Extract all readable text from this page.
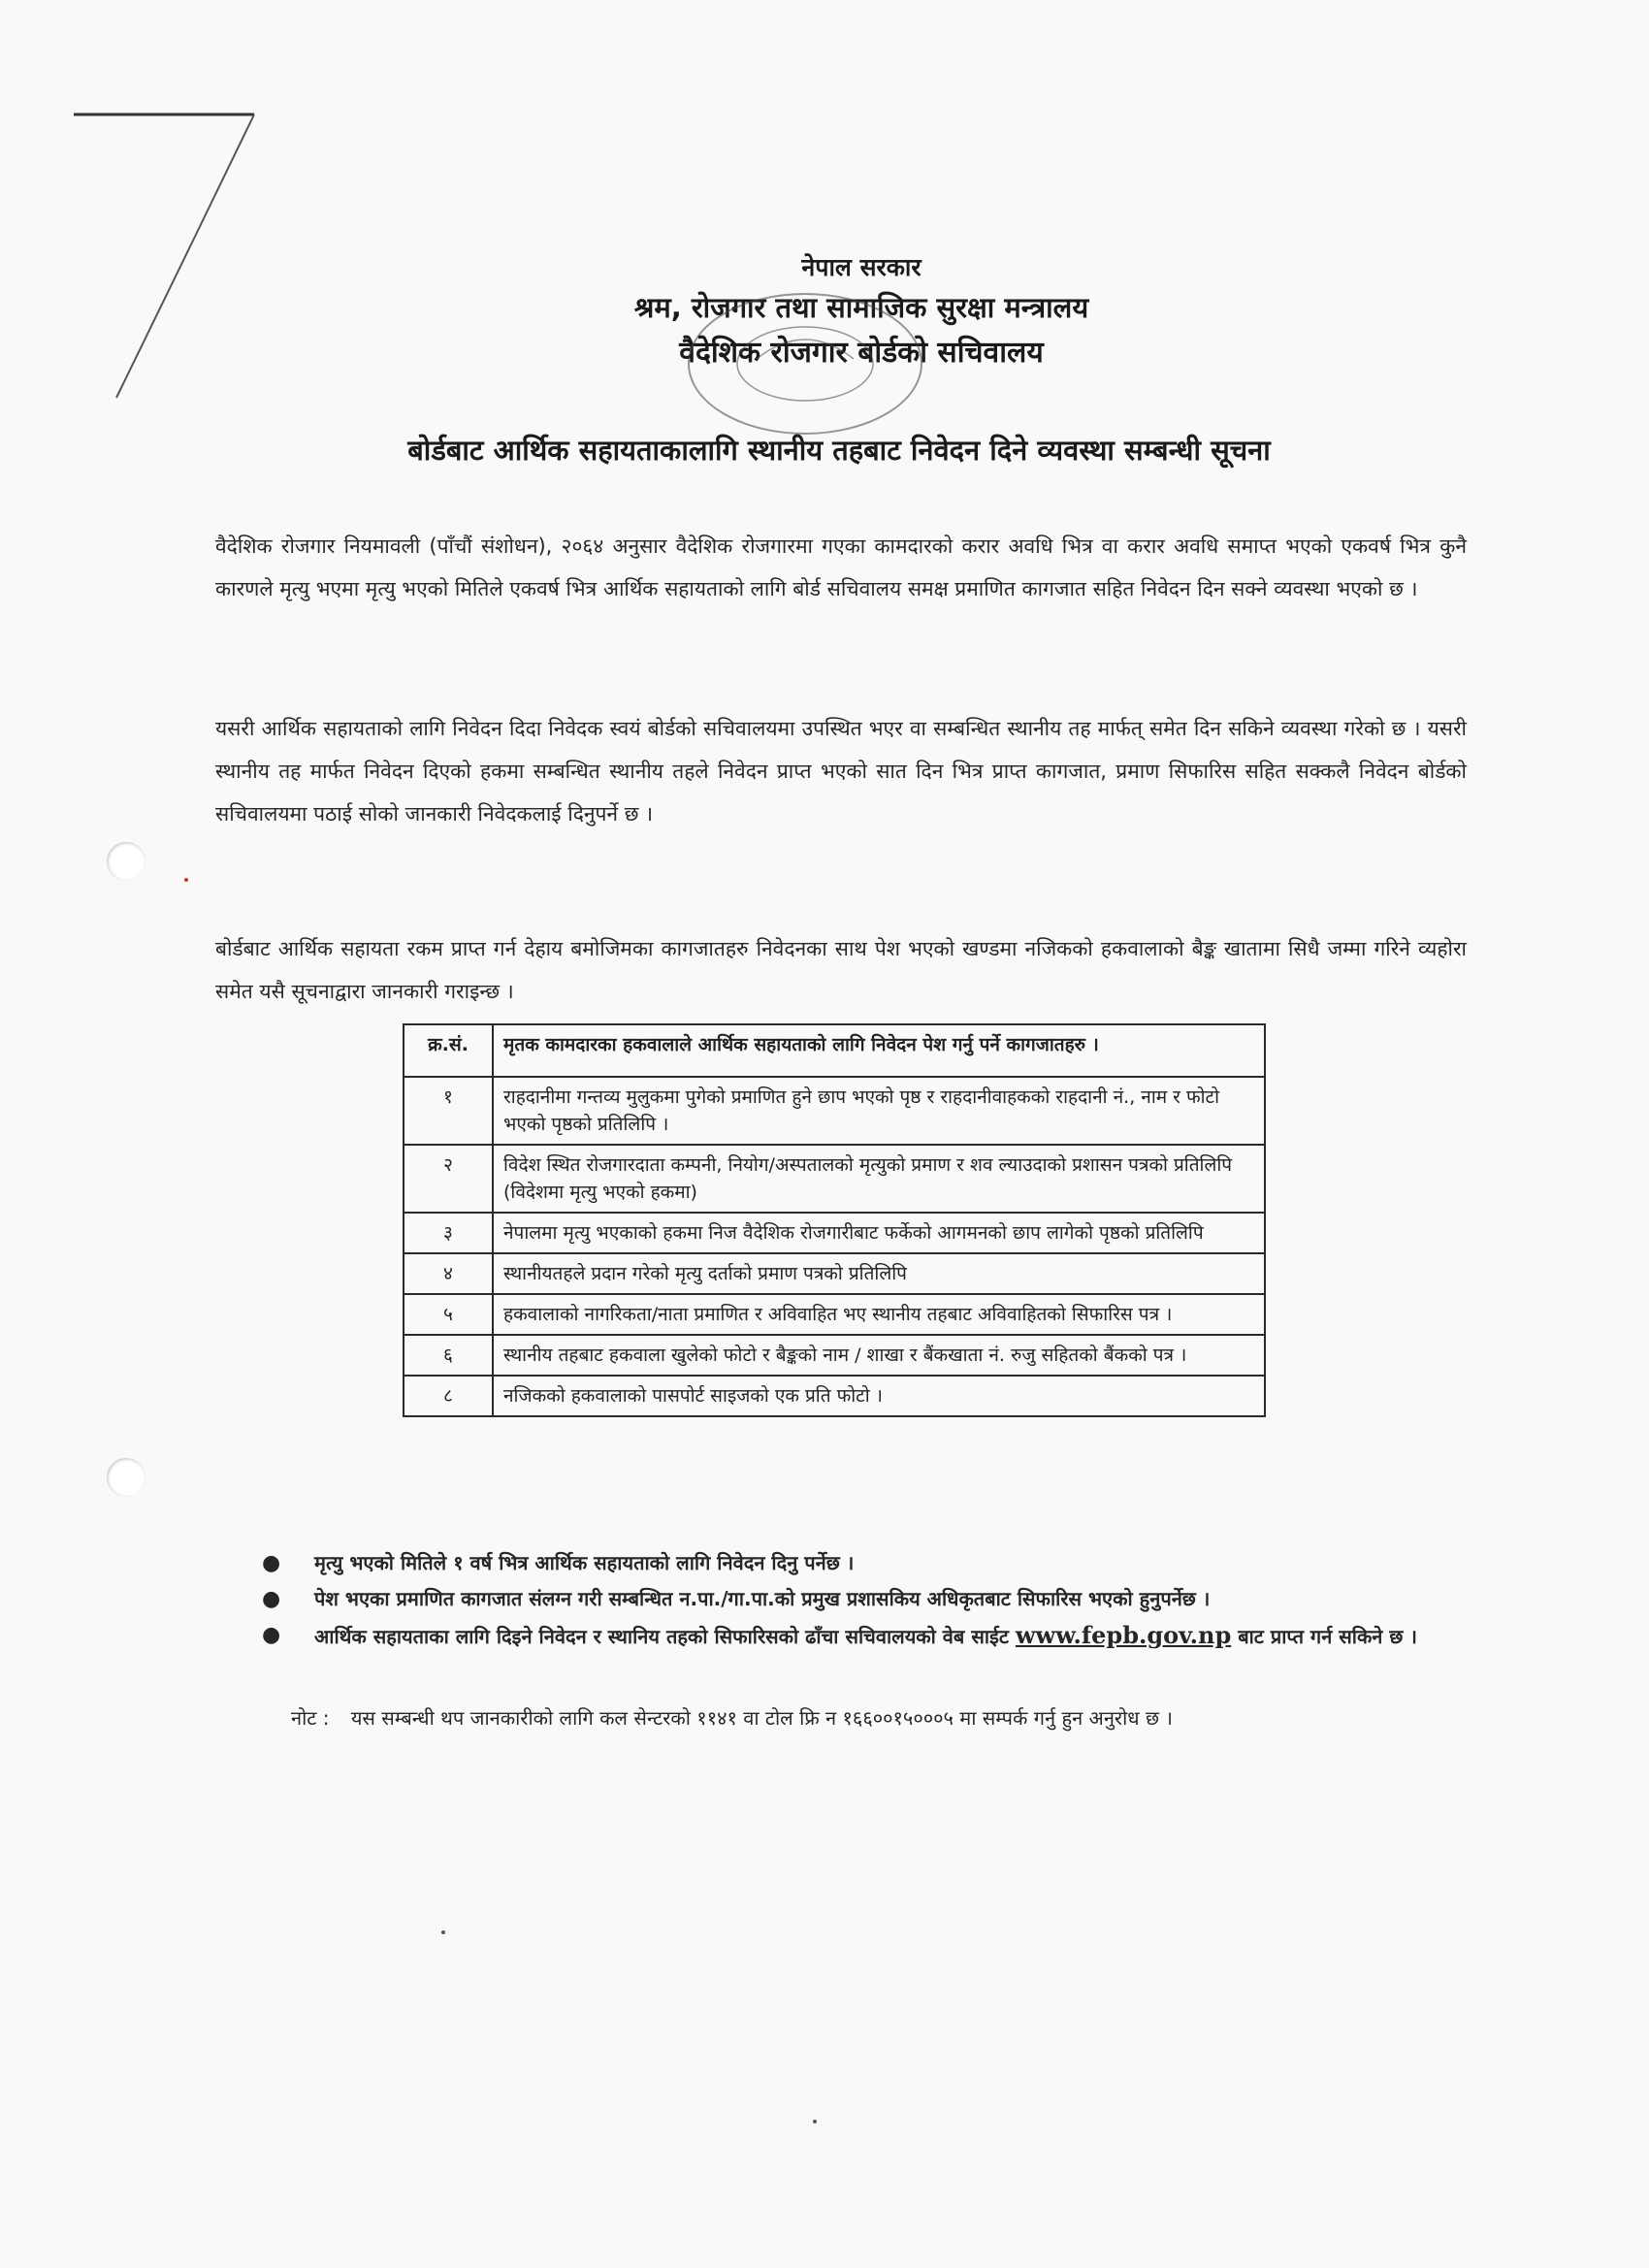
नेपाल सरकार
श्रम, रोजगार तथा सामाजिक सुरक्षा मन्त्रालय
वैदेशिक रोजगार बोर्डको सचिवालय
बोर्डबाट आर्थिक सहायताकालागि स्थानीय तहबाट निवेदन दिने व्यवस्था सम्बन्धी सूचना

वैदेशिक रोजगार नियमावली (पाँचौं संशोधन), २०६४ अनुसार वैदेशिक रोजगारमा गएका कामदारको करार अवधि भित्र वा करार अवधि समाप्त भएको एकवर्ष भित्र कुनै कारणले मृत्यु भएमा मृत्यु भएको मितिले एकवर्ष भित्र आर्थिक सहायताको लागि बोर्ड सचिवालय समक्ष प्रमाणित कागजात सहित निवेदन दिन सक्ने व्यवस्था भएको छ ।

यसरी आर्थिक सहायताको लागि निवेदन दिदा निवेदक स्वयं बोर्डको सचिवालयमा उपस्थित भएर वा सम्बन्धित स्थानीय तह मार्फत् समेत दिन सकिने व्यवस्था गरेको छ । यसरी स्थानीय तह मार्फत निवेदन दिएको हकमा सम्बन्धित स्थानीय तहले निवेदन प्राप्त भएको सात दिन भित्र प्राप्त कागजात, प्रमाण सिफारिस सहित सक्कलै निवेदन बोर्डको सचिवालयमा पठाई सोको जानकारी निवेदकलाई दिनुपर्ने छ ।

बोर्डबाट आर्थिक सहायता रकम प्राप्त गर्न देहाय बमोजिमका कागजातहरु निवेदनका साथ पेश भएको खण्डमा नजिकको हकवालाको बैङ्क खातामा सिधै जम्मा गरिने व्यहोरा समेत यसै सूचनाद्वारा जानकारी गराइन्छ ।

क्र.सं.	मृतक कामदारका हकवालाले आर्थिक सहायताको लागि निवेदन पेश गर्नु पर्ने कागजातहरु ।
१	राहदानीमा गन्तव्य मुलुकमा पुगेको प्रमाणित हुने छाप भएको पृष्ठ र राहदानीवाहकको राहदानी नं., नाम र फोटो भएको पृष्ठको प्रतिलिपि ।
२	विदेश स्थित रोजगारदाता कम्पनी, नियोग/अस्पतालको मृत्युको प्रमाण र शव ल्याउदाको प्रशासन पत्रको प्रतिलिपि (विदेशमा मृत्यु भएको हकमा)
३	नेपालमा मृत्यु भएकाको हकमा निज वैदेशिक रोजगारीबाट फर्केको आगमनको छाप लागेको पृष्ठको प्रतिलिपि
४	स्थानीयतहले प्रदान गरेको मृत्यु दर्ताको प्रमाण पत्रको प्रतिलिपि
५	हकवालाको नागरिकता/नाता प्रमाणित र अविवाहित भए स्थानीय तहबाट अविवाहितको सिफारिस पत्र ।
६	स्थानीय तहबाट हकवाला खुलेको फोटो र बैङ्कको नाम / शाखा र बैंकखाता नं. रुजु सहितको बैंकको पत्र ।
८	नजिकको हकवालाको पासपोर्ट साइजको एक प्रति फोटो ।
● मृत्यु भएको मितिले १ वर्ष भित्र आर्थिक सहायताको लागि निवेदन दिनु पर्नेछ ।
● पेश भएका प्रमाणित कागजात संलग्न गरी सम्बन्धित न.पा./गा.पा.को प्रमुख प्रशासकिय अधिकृतबाट सिफारिस भएको हुनुपर्नेछ ।
● आर्थिक सहायताका लागि दिइने निवेदन र स्थानिय तहको सिफारिसको ढाँचा सचिवालयको वेब साईट www.fepb.gov.np बाट प्राप्त गर्न सकिने छ ।
नोट : यस सम्बन्धी थप जानकारीको लागि कल सेन्टरको ११४१ वा टोल फ्रि न १६६००१५०००५ मा सम्पर्क गर्नु हुन अनुरोध छ ।
